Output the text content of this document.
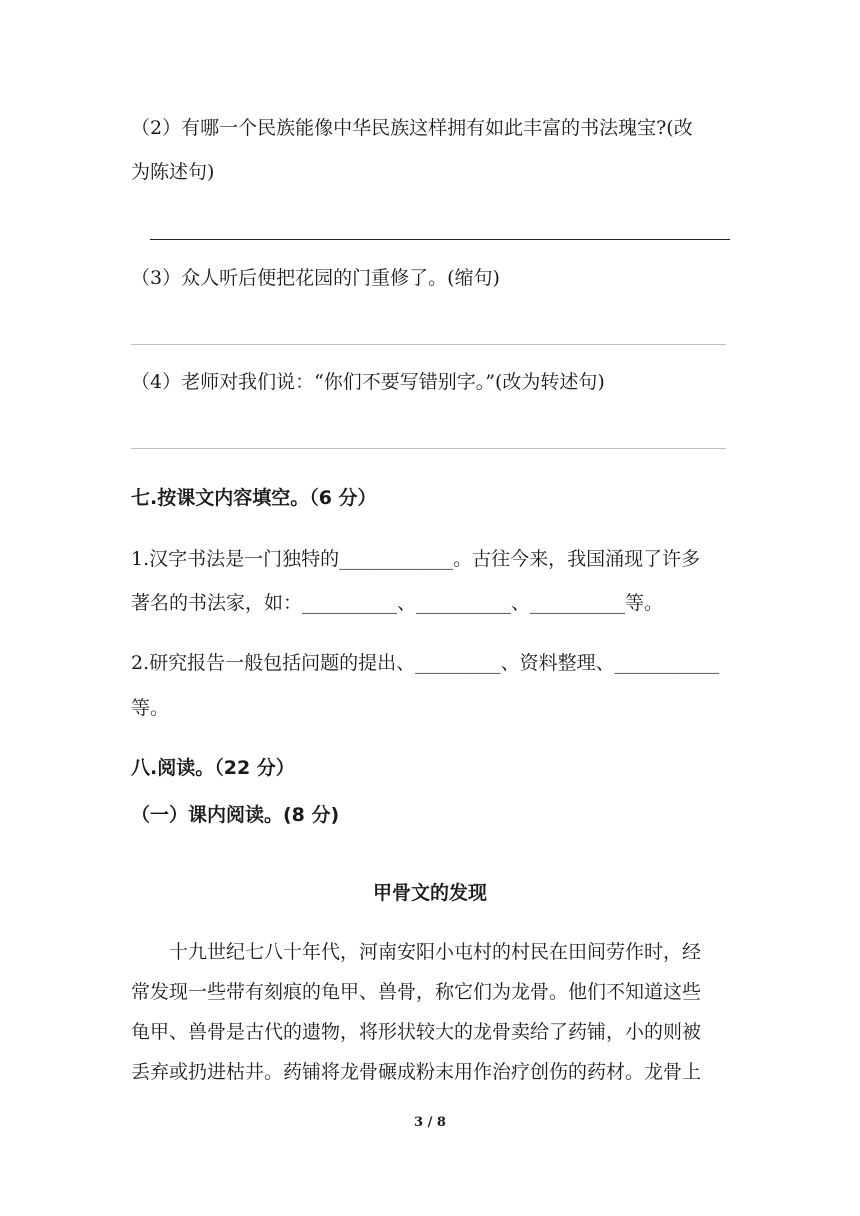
（2）有哪一个民族能像中华民族这样拥有如此丰富的书法瑰宝?(改
为陈述句)
（3）众人听后便把花园的门重修了。(缩句)
（4）老师对我们说：“你们不要写错别字。”(改为转述句)
七.按课文内容填空。（6 分）
1.汉字书法是一门独特的____________。古往今来，我国涌现了许多
著名的书法家，如：__________、__________、__________等。
2.研究报告一般包括问题的提出、_________、资料整理、___________
等。
八.阅读。（22 分）
（一）课内阅读。(8 分)
甲骨文的发现
十九世纪七八十年代，河南安阳小屯村的村民在田间劳作时，经
常发现一些带有刻痕的龟甲、兽骨，称它们为龙骨。他们不知道这些
龟甲、兽骨是古代的遗物，将形状较大的龙骨卖给了药铺，小的则被
丢弃或扔进枯井。药铺将龙骨碾成粉末用作治疗创伤的药材。龙骨上
3 / 8
